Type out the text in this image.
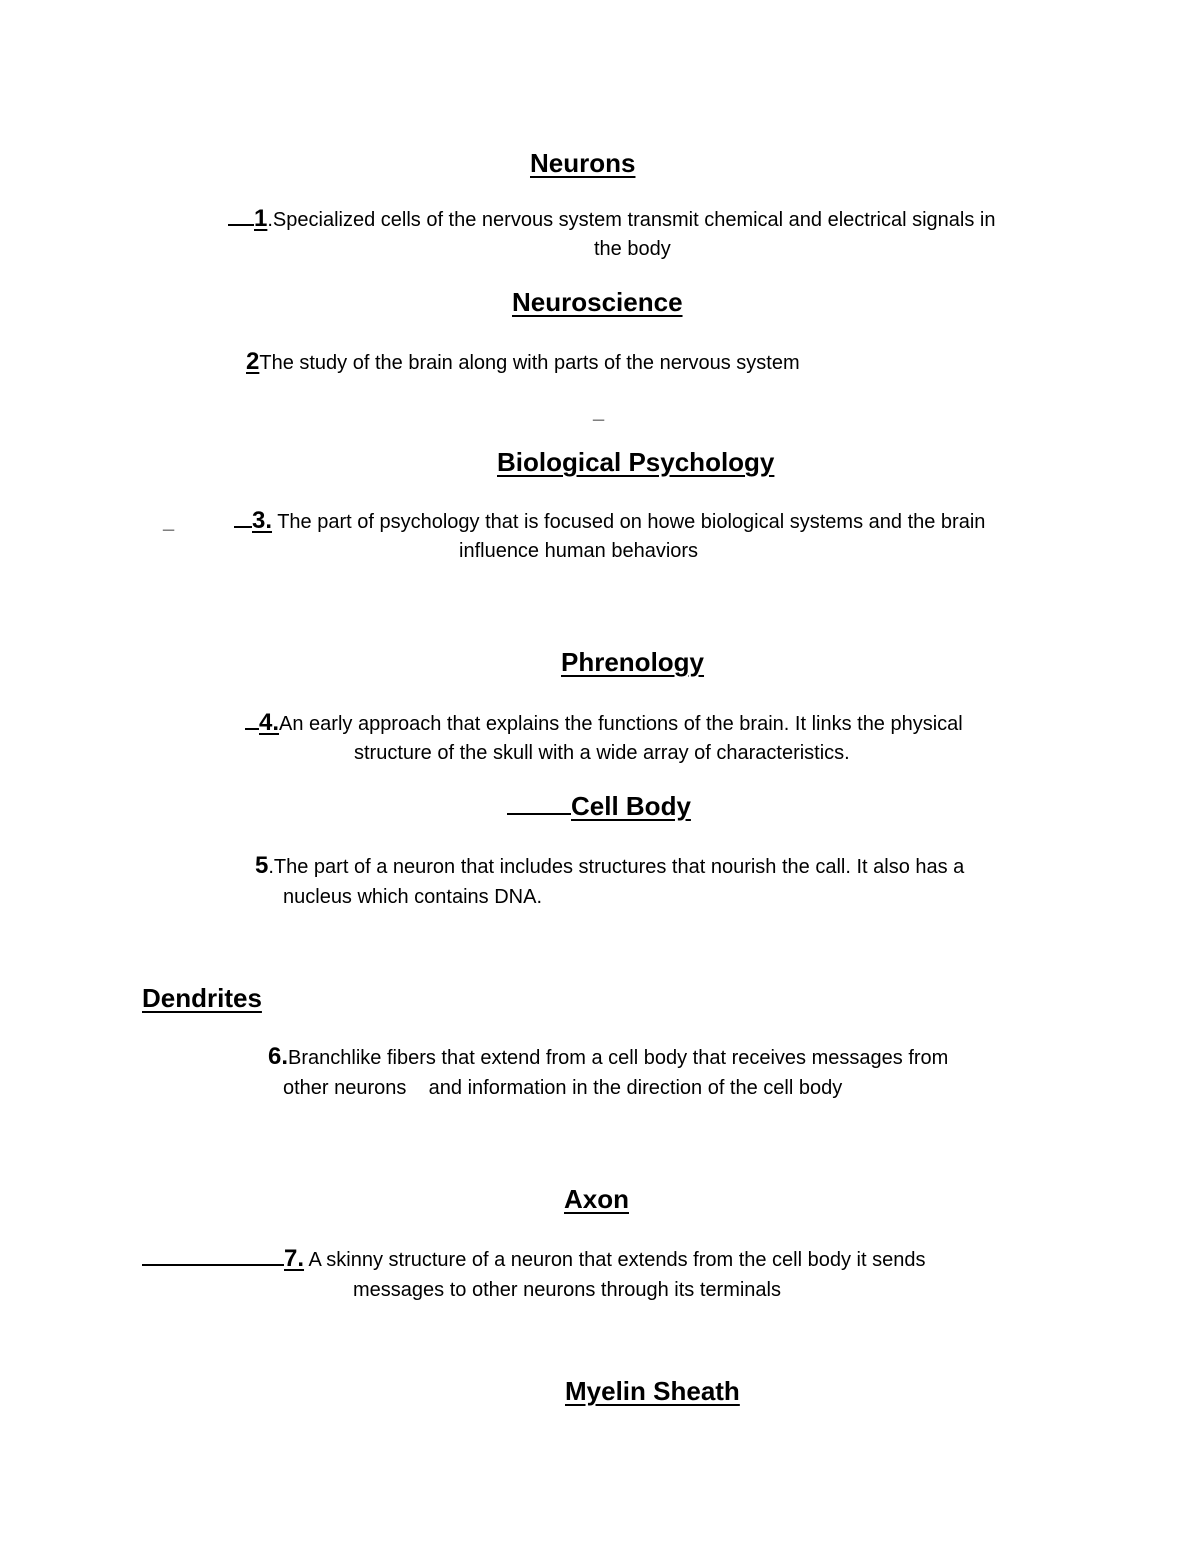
Neurons
1.Specialized cells of the nervous system transmit chemical and electrical signals in
the body
Neuroscience
2The study of the brain along with parts of the nervous system
_
Biological Psychology
_	3. The part of psychology that is focused on howe biological systems and the brain
influence human behaviors
Phrenology
4.An early approach that explains the functions of the brain. It links the physical
structure of the skull with a wide array of characteristics.
Cell Body
5.The part of a neuron that includes structures that nourish the call. It also has a
nucleus which contains DNA.
Dendrites
6.Branchlike fibers that extend from a cell body that receives messages from
other neurons    and information in the direction of the cell body
Axon
7. A skinny structure of a neuron that extends from the cell body it sends
messages to other neurons through its terminals
Myelin Sheath
